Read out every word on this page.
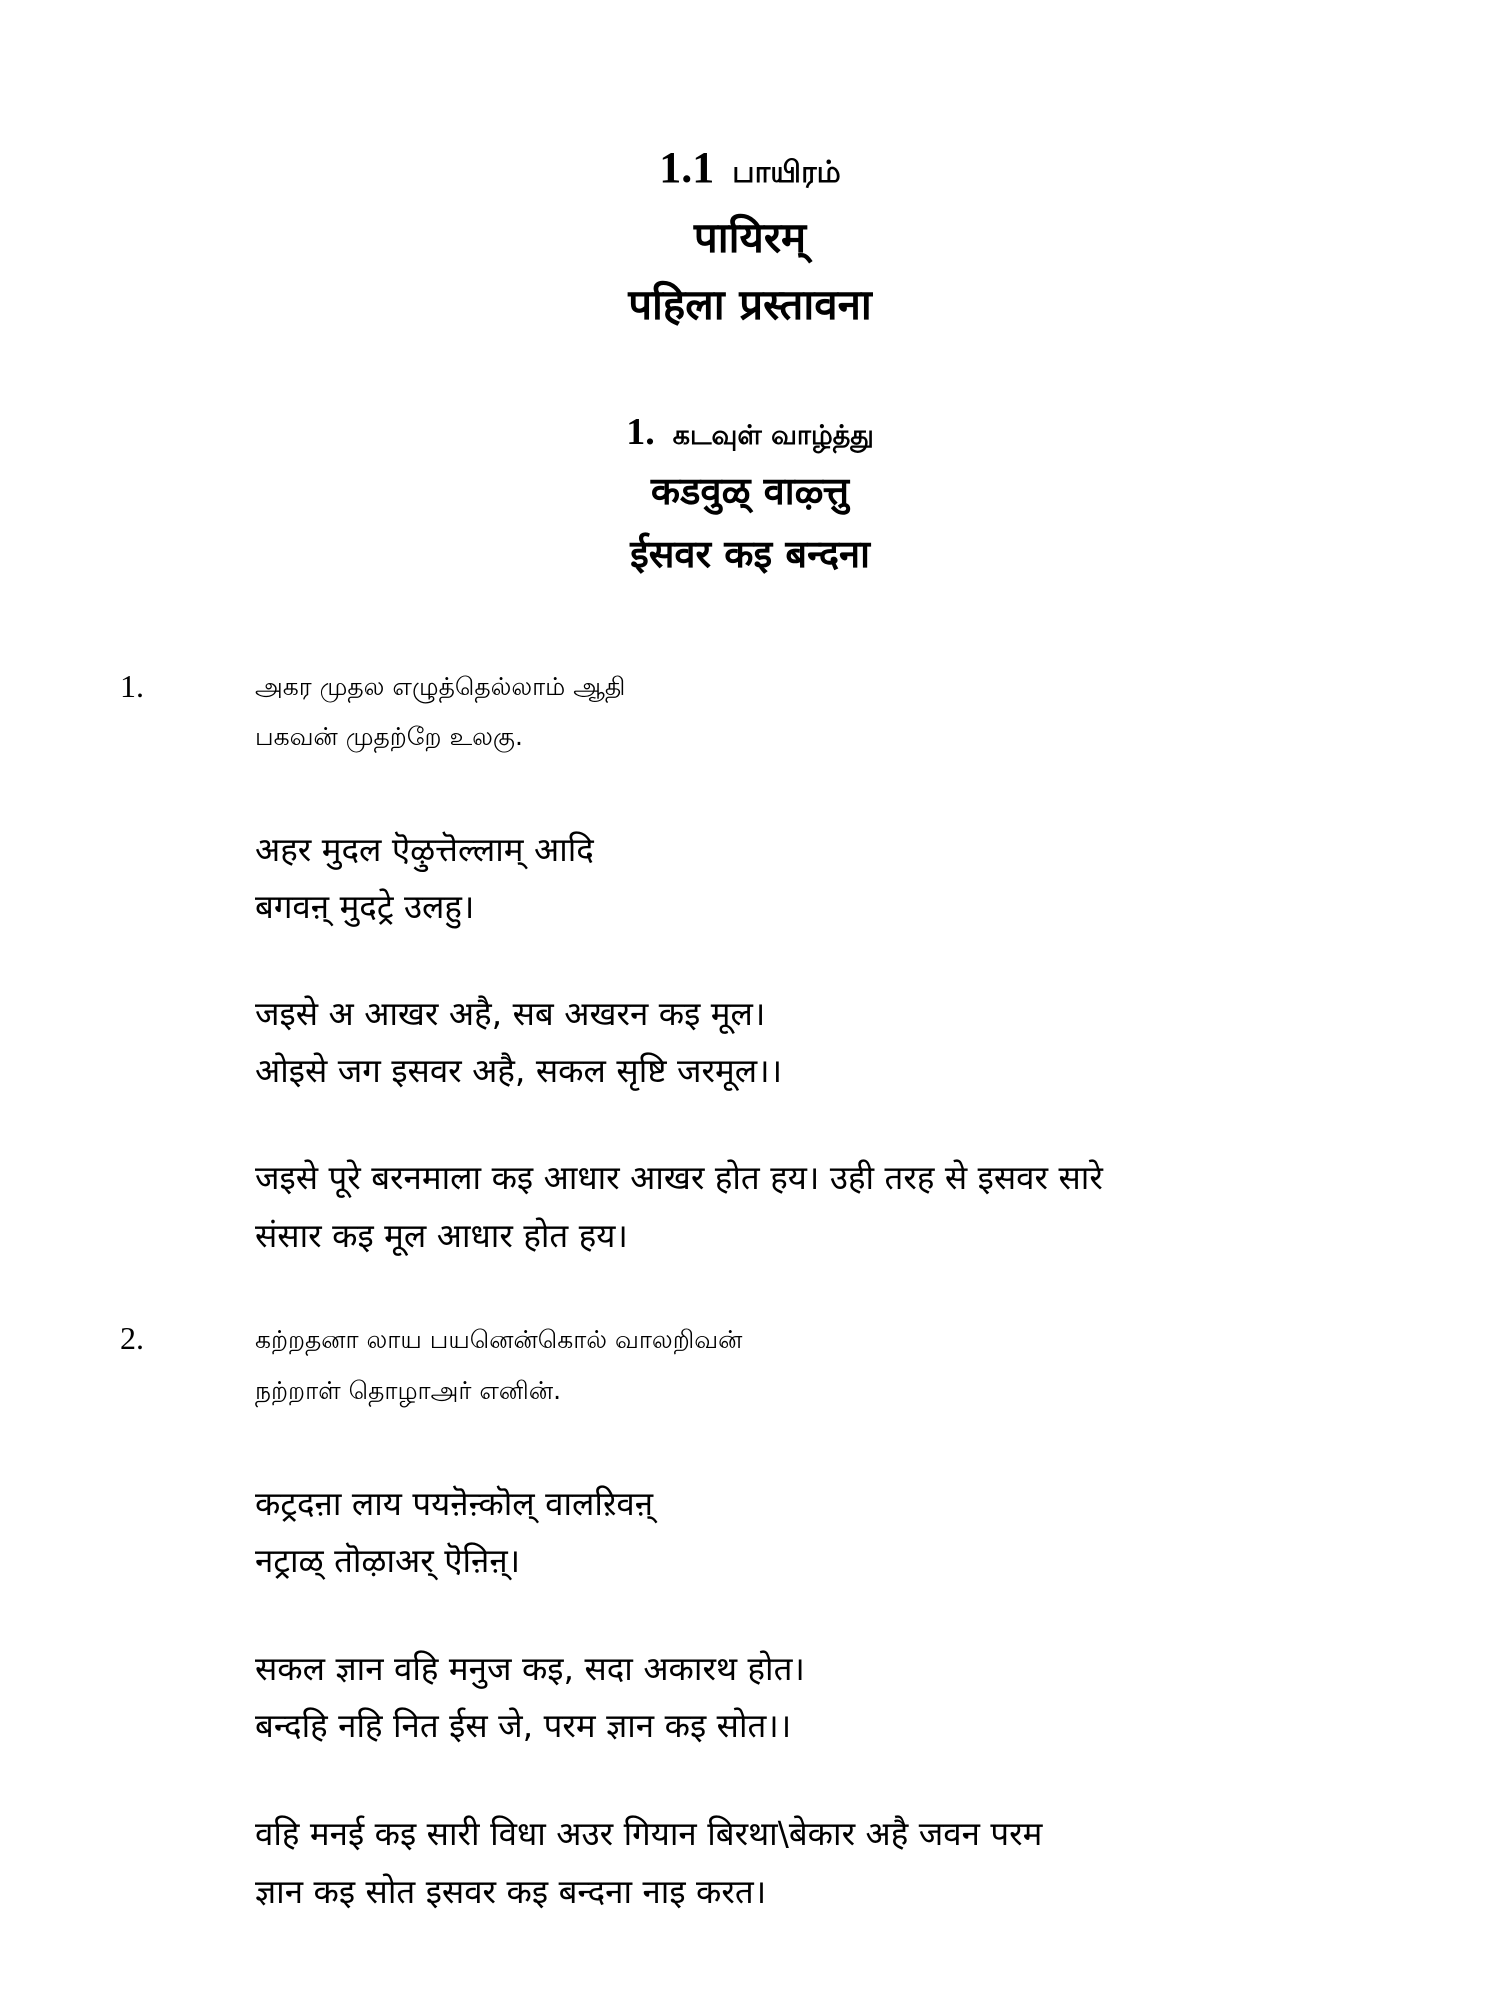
1.1 பாயிரம்
पायिरम्
पहिला प्रस्तावना
1. கடவுள் வாழ்த்து
कडवुळ् वाऴ्त्तु
ईसवर कइ बन्दना
1.	அகர முதல எழுத்தெல்லாம் ஆதி
பகவன் முதற்றே உலகு.
अहर मुदल ऎऴुत्तॆल्लाम् आदि
बगवऩ् मुदट्रे उलहु।
जइसे अ आखर अहै, सब अखरन कइ मूल।
ओइसे जग इसवर अहै, सकल सृष्टि जरमूल।।
जइसे पूरे बरनमाला कइ आधार आखर होत हय। उही तरह से इसवर सारे
संसार कइ मूल आधार होत हय।
2.	கற்றதனா லாய பயனென்கொல் வாலறிவன்
நற்றாள் தொழாஅர் எனின்.
कट्रदऩा लाय पयऩॆऩ्कॊल् वालऱिवऩ्
नट्राळ् तॊऴाअर् ऎऩिऩ्।
सकल ज्ञान वहि मनुज कइ, सदा अकारथ होत।
बन्दहि नहि नित ईस जे, परम ज्ञान कइ सोत।।
वहि मनई कइ सारी विधा अउर गियान बिरथा\बेकार अहै जवन परम
ज्ञान कइ सोत इसवर कइ बन्दना नाइ करत।
